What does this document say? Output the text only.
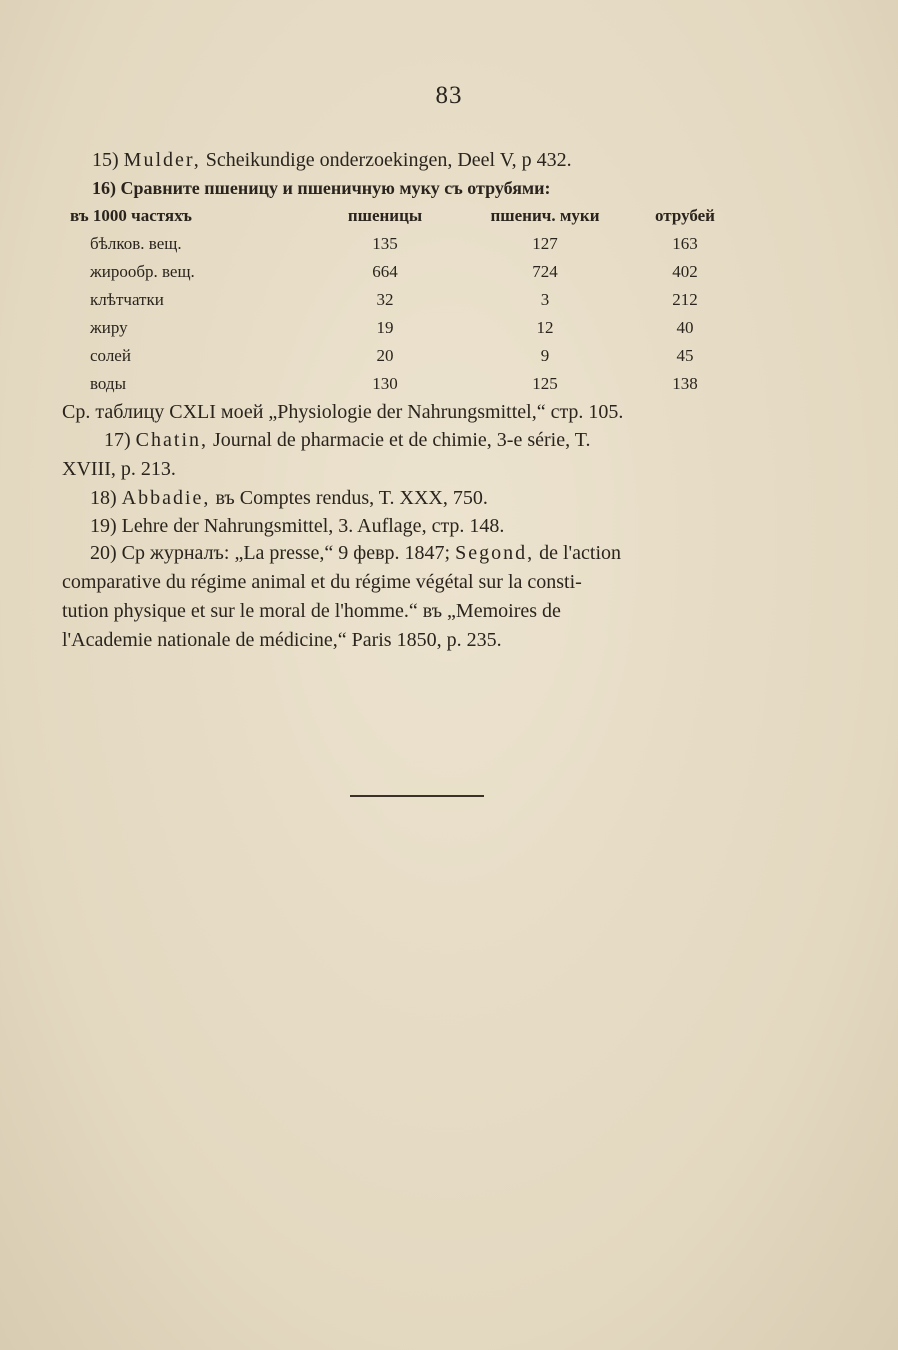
83
15) Mulder, Scheikundige onderzoekingen, Deel V, p 432.
16) Сравните пшеницу и пшеничную муку съ отрубями:
въ 1000 частяхъ	пшеницы	пшенич. муки	отрубей
бѣлков. вещ.	135	127	163
жирообр. вещ.	664	724	402
клѣтчатки	32	3	212
жиру	19	12	40
солей	20	9	45
воды	130	125	138
Ср. таблицу CXLI моей „Physiologie der Nahrungsmittel,“ стр. 105.
17) Chatin, Journal de pharmacie et de chimie, 3-e série, T.
XVIII, p. 213.
18) Abbadie, въ Comptes rendus, T. XXX, 750.
19) Lehre der Nahrungsmittel, 3. Auflage, стр. 148.
20) Ср журналъ: „La presse,“ 9 февр. 1847; Segond, de l'action
comparative du régime animal et du régime végétal sur la consti-
tution physique et sur le moral de l'homme.“ въ „Memoires de
l'Academie nationale de médicine,“ Paris 1850, p. 235.
